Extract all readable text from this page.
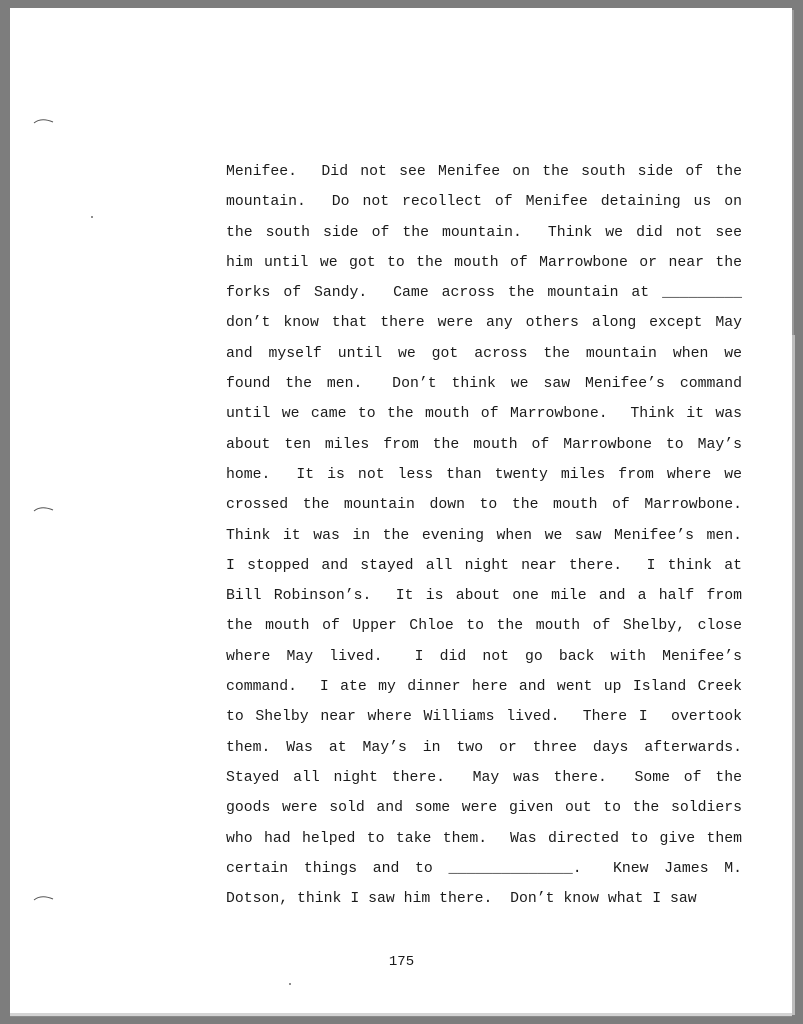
Menifee.  Did not see Menifee on the south side of the
mountain.  Do not recollect of Menifee detaining us on
the south side of the mountain.  Think we did not see
him until we got to the mouth of Marrowbone or near the
forks of Sandy.  Came across the mountain at _________
don’t know that there were any others along except May
and myself until we got across the mountain when we
found the men.  Don’t think we saw Menifee’s command
until we came to the mouth of Marrowbone.  Think it was
about ten miles from the mouth of Marrowbone to May’s
home.  It is not less than twenty miles from where we
crossed the mountain down to the mouth of Marrowbone.
Think it was in the evening when we saw Menifee’s men.
I stopped and stayed all night near there.  I think at
Bill Robinson’s.  It is about one mile and a half from
the mouth of Upper Chloe to the mouth of Shelby, close
where May lived.  I did not go back with Menifee’s
command.  I ate my dinner here and went up Island Creek
to Shelby near where Williams lived.  There I  overtook
them. Was at May’s in two or three days afterwards.
Stayed all night there.  May was there.  Some of the
goods were sold and some were given out to the soldiers
who had helped to take them.  Was directed to give them
certain things and to ______________.  Knew James M.
Dotson, think I saw him there.  Don’t know what I saw
175
